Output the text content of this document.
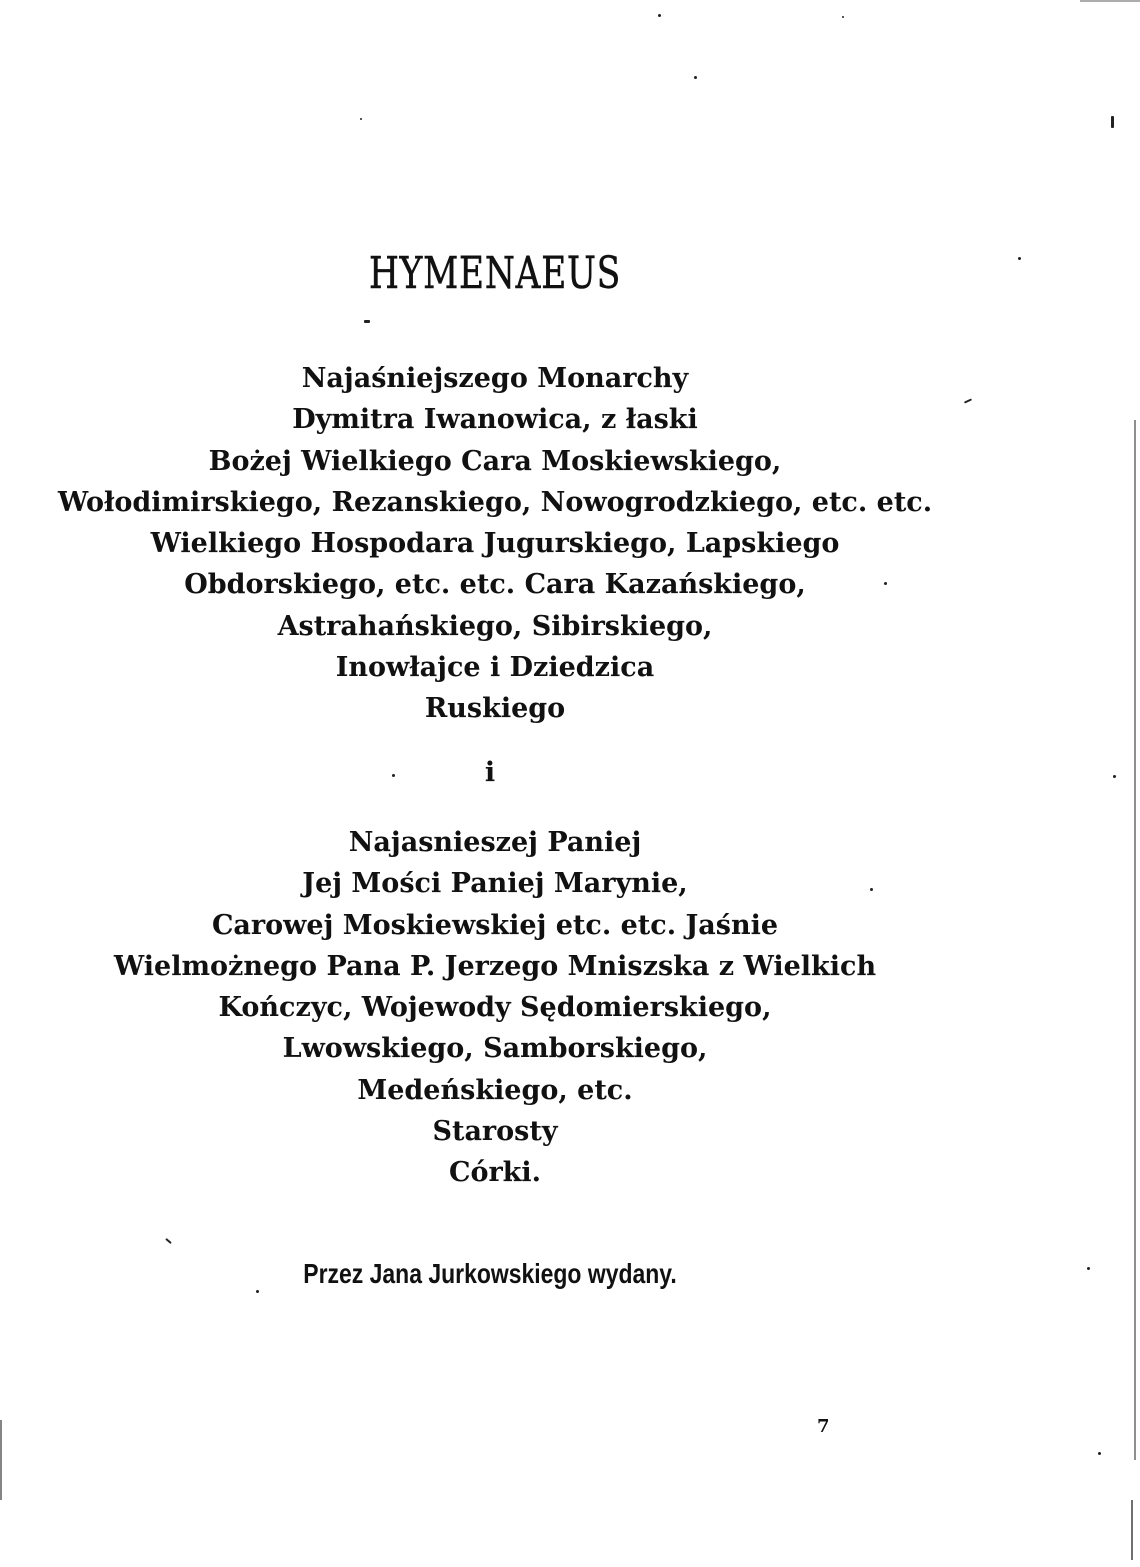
HYMENAEUS
Najaśniejszego Monarchy
Dymitra Iwanowica, z łaski
Bożej Wielkiego Cara Moskiewskiego,
Wołodimirskiego, Rezanskiego, Nowogrodzkiego, etc. etc.
Wielkiego Hospodara Jugurskiego, Lapskiego
Obdorskiego, etc. etc. Cara Kazańskiego,
Astrahańskiego, Sibirskiego,
Inowłajce i Dziedzica
Ruskiego
i
Najasnieszej Paniej
Jej Mości Paniej Marynie,
Carowej Moskiewskiej etc. etc. Jaśnie
Wielmożnego Pana P. Jerzego Mniszska z Wielkich
Kończyc, Wojewody Sędomierskiego,
Lwowskiego, Samborskiego,
Medeńskiego, etc.
Starosty
Córki.
Przez Jana Jurkowskiego wydany.
7
